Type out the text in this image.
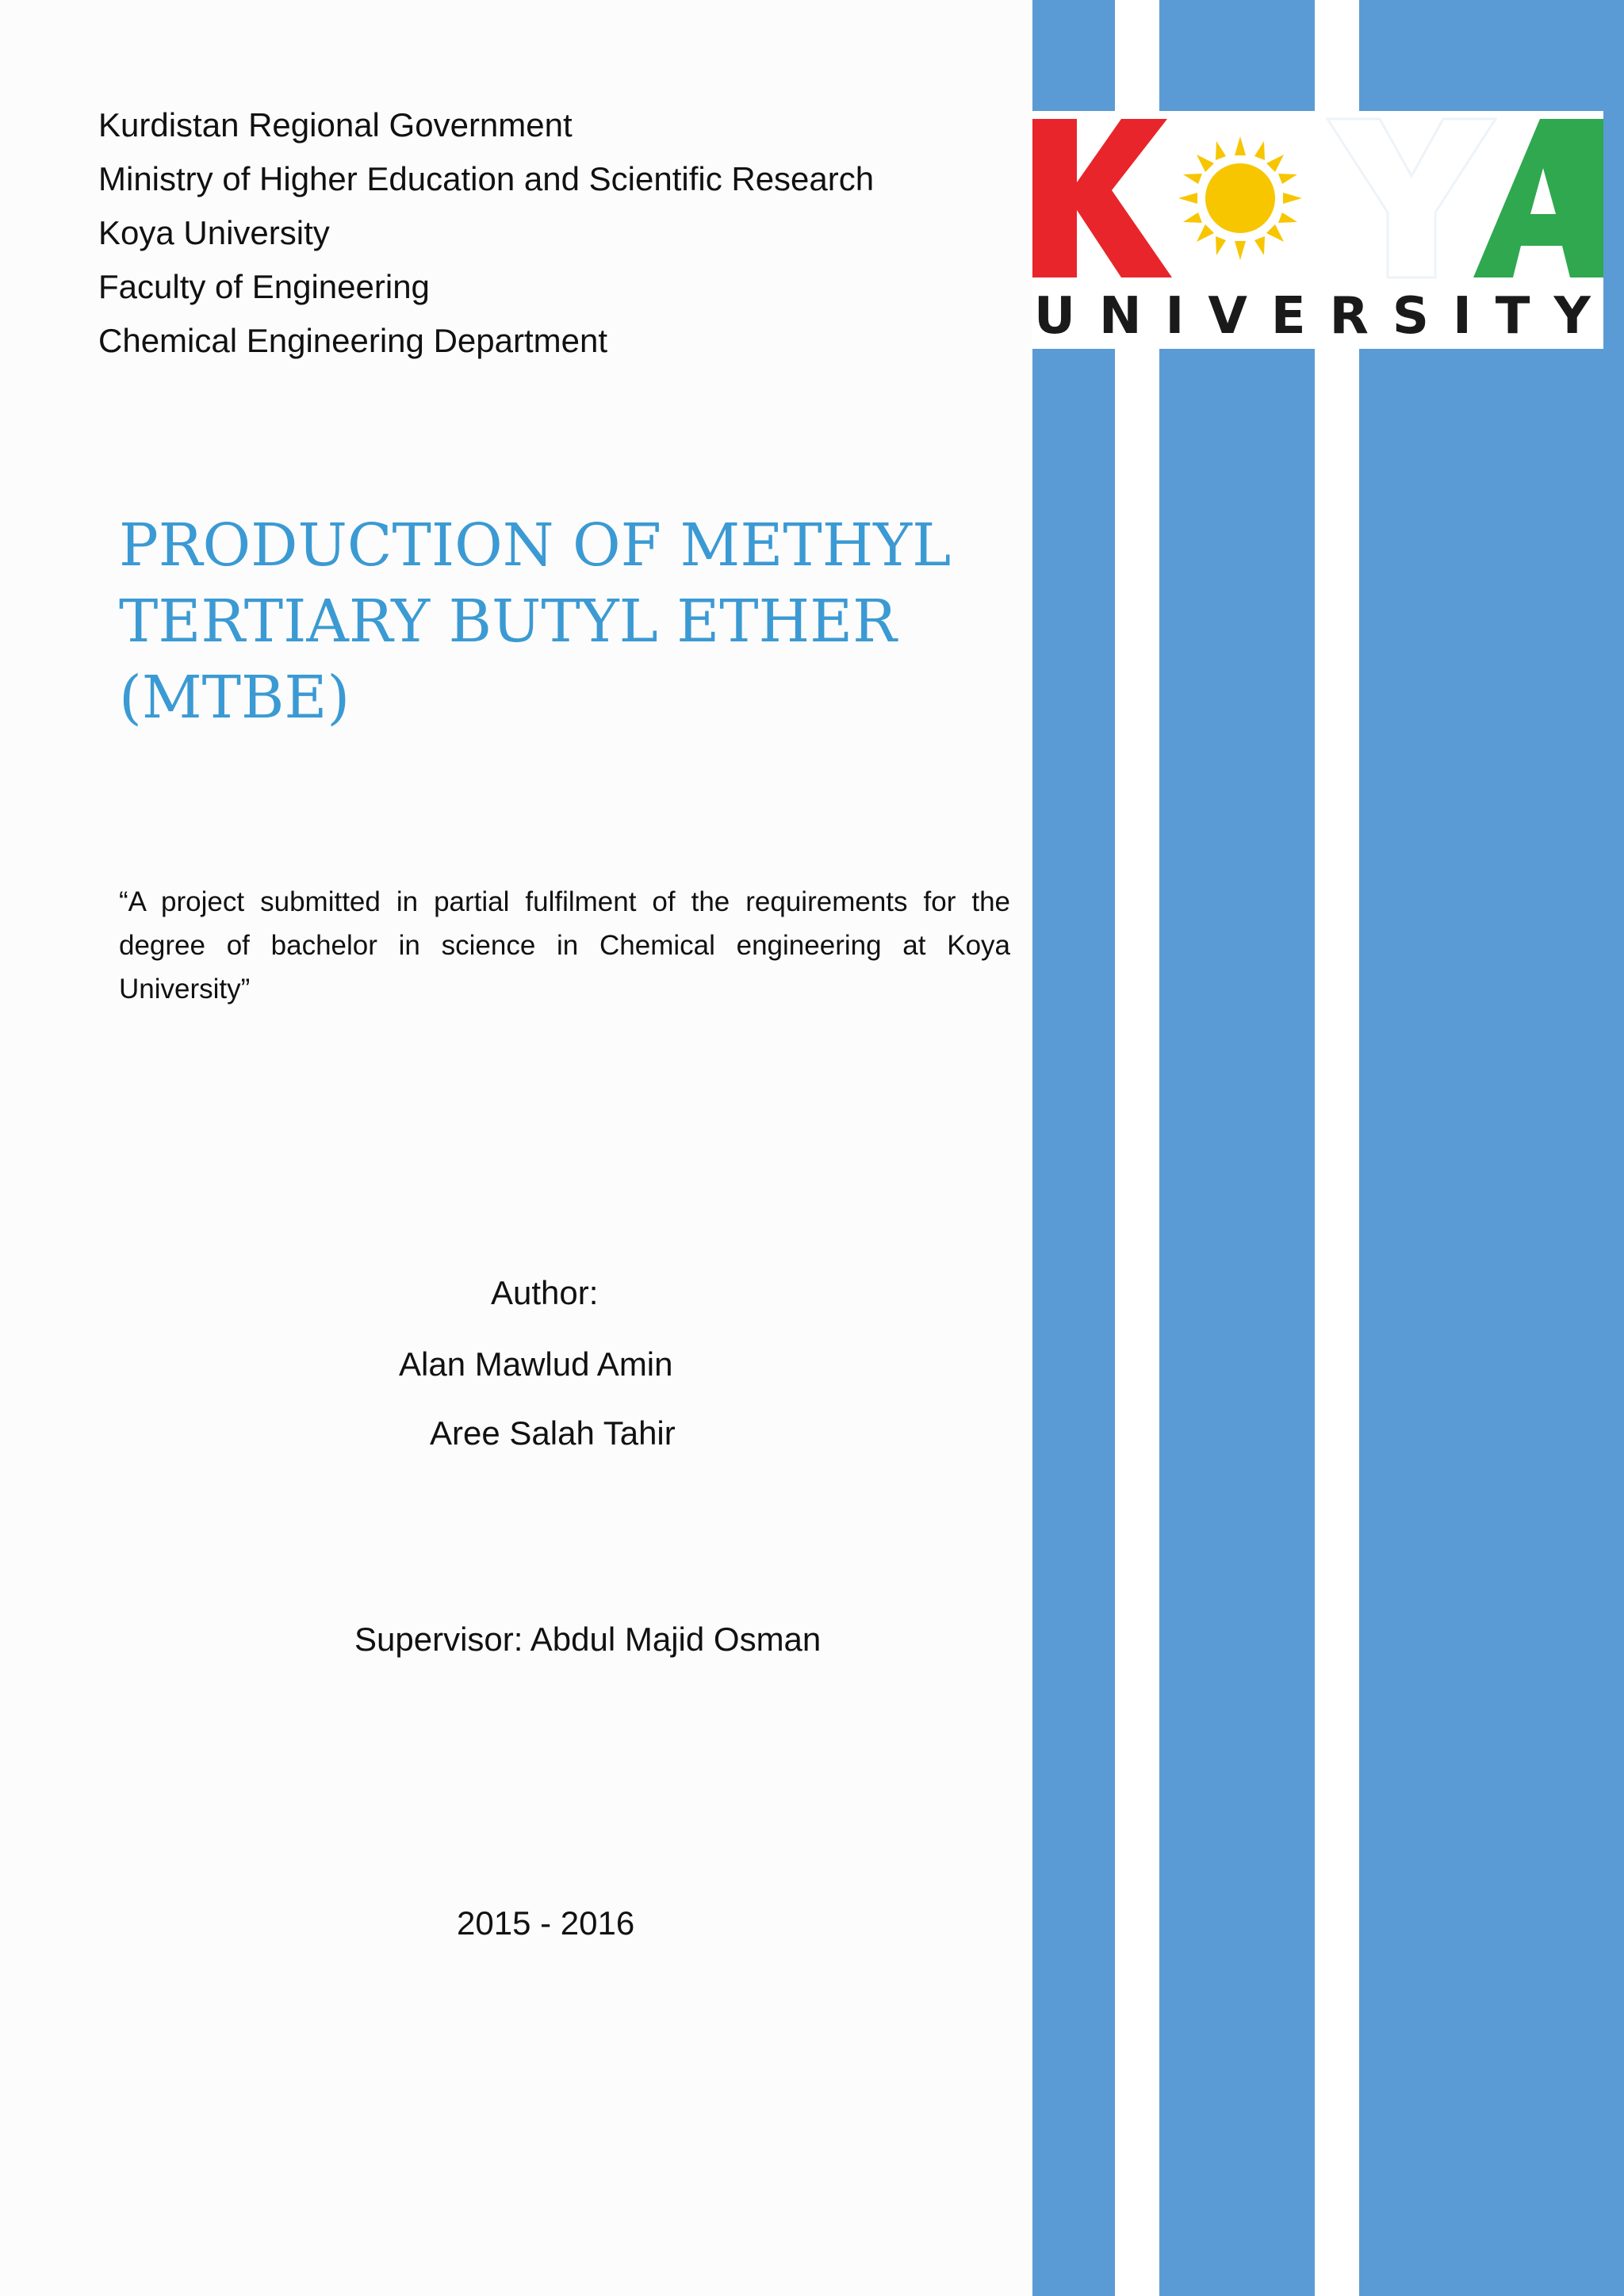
Kurdistan Regional Government
Ministry of Higher Education and Scientific Research
Koya University
Faculty of Engineering
Chemical Engineering Department	UNIVERSITY
PRODUCTION OF METHYL
TERTIARY BUTYL ETHER
(MTBE)
“A project submitted in partial fulfilment of the requirements for the degree of bachelor in science in Chemical engineering at Koya University”
Author:
Alan Mawlud Amin
Aree Salah Tahir
Supervisor: Abdul Majid Osman
2015 - 2016
